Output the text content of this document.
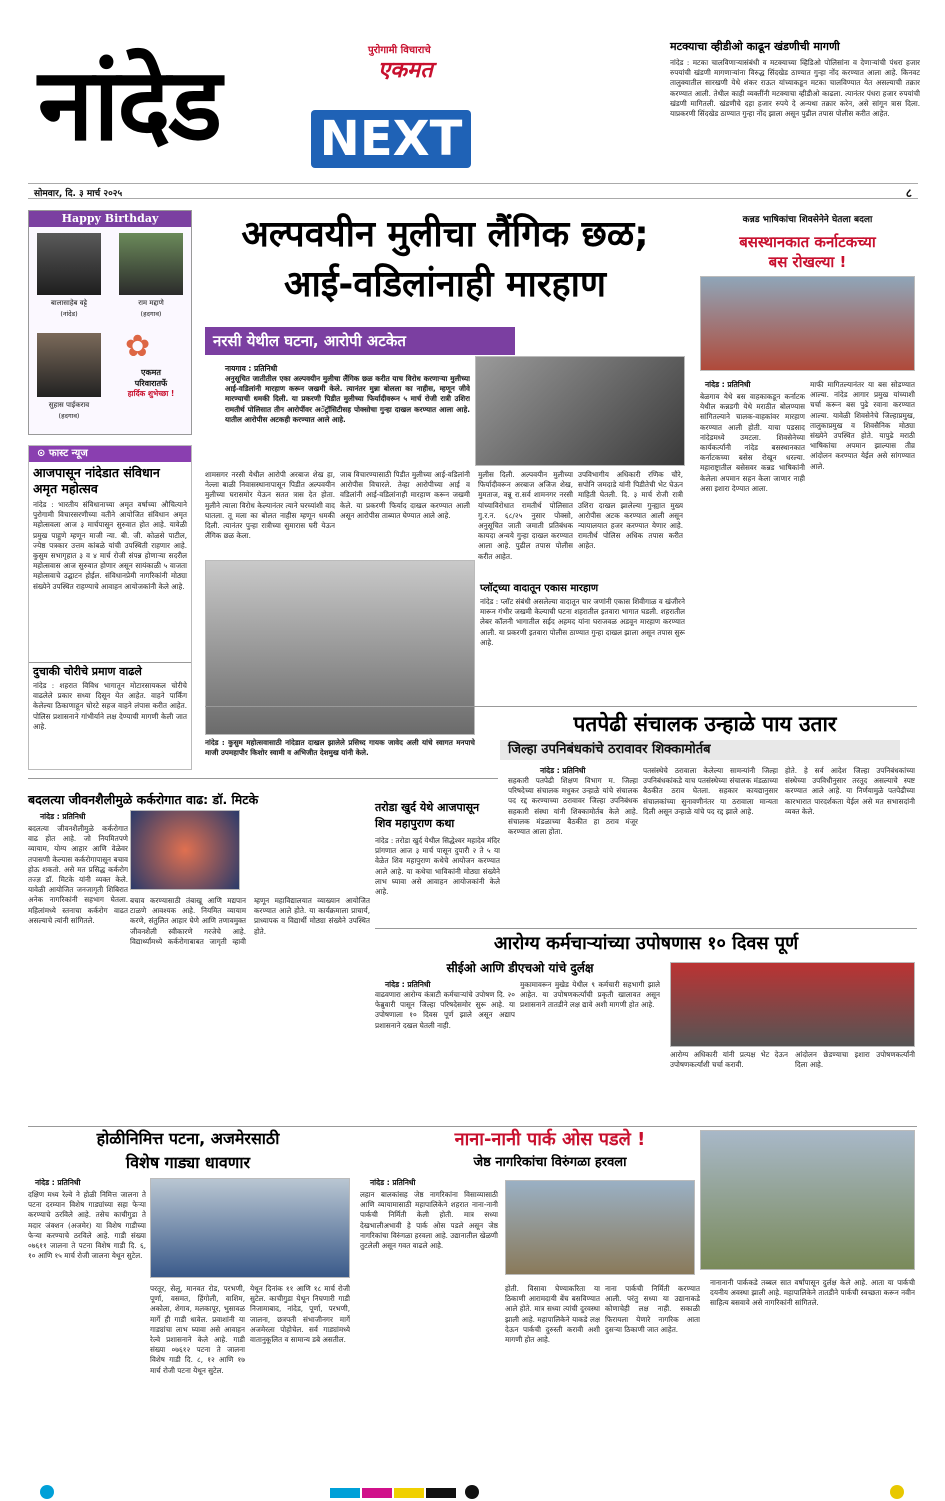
नांदेड	पुरोगामी विचाराचे
एकमत
NEXT
सोमवार, दि. ३ मार्च २०२५	८
मटक्याचा व्हीडीओ काढून खंडणीची मागणी
नांदेड : मटका चालविणाऱ्यासंबंधी व मटक्याच्या व्हिडिओ पोलिसांना व देणाऱ्यांची पंधरा हजार रुपयांची खंडणी मागणाऱ्यांना विरुद्ध सिंदखेड ठाण्यात गुन्हा नोंद करण्यात आला आहे. किनवट तालुक्यातील सारखणी येथे शंकर राऊत यांच्याकडून मटका चालविण्यात येत असल्याची तक्रार करण्यात आली. तेथील काही व्यक्तींनी मटक्याचा व्हीडीओ काढला. त्यानंतर पंधरा हजार रुपयांची खंडणी मागितली. खंडणीचे दहा हजार रुपये दे अन्यथा तक्रार करेन, असे सांगून त्रास दिला. याप्रकरणी सिंदखेड ठाण्यात गुन्हा नोंद झाला असून पुढील तपास पोलीस करीत आहेत.
Happy Birthday
बालासाहेब वट्टे
(नांदेड)
राम मद्दाणे
(हदगाव)
✿
एकमत
परिवारातर्फे
हार्दिक शुभेच्छा !
सुहास पाईकराव
(हदगाव)
⊙ फास्ट न्यूज
आजपासून नांदेडात संविधान अमृत महोत्सव
नांदेड : भारतीय संविधानाच्या अमृत वर्षाच्या औचित्याने पुरोगामी विचारसरणीच्या वतीने आयोजित संविधान अमृत महोत्सवला आज ३ मार्चपासून सुरुवात होत आहे. यावेळी प्रमुख पाहुणे म्हणून माजी न्या. बी. जी. कोळसे पाटील, ज्येष्ठ पत्रकार उत्तम कांबळे यांची उपस्थिती राहणार आहे. कुसुम सभागृहात ३ व ४ मार्च रोजी संपन्न होणाऱ्या सदरील महोत्सवास आज सुरुवात होणार असून सायंकाळी ५ वाजता महोत्सवाचे उद्घाटन होईल. संविधानप्रेमी नागरिकांनी मोठ्या संख्येने उपस्थित राहण्याचे आवाहन आयोजकांनी केले आहे.
दुचाकी चोरीचे प्रमाण वाढले
नांदेड : शहरात विविध भागातून मोटारसायकल चोरीचे वाढलेले प्रकार सध्या दिसून येत आहेत. वाहने पार्किंग केलेल्या ठिकाणाहून चोरटे सहज वाहने लंपास करीत आहेत. पोलिस प्रशासनाने गांभीर्याने लक्ष देण्याची मागणी केली जात आहे.
अल्पवयीन मुलीचा लैंगिक छळ;
आई-वडिलांनाही मारहाण
नरसी येथील घटना, आरोपी अटकेत
नायगाव : प्रतिनिधी
अनुसूचित जातीतील एका अल्पवयीन मुलीचा लैंगिक छळ करीत याच विरोध करणाऱ्या मुलीच्या आई-वडिलांनी मारहाण करून जखमी केले. त्यानंतर मुन्ना बोलला का नाहीस, म्हणून जीवे मारण्याची धमकी दिली. या प्रकरणी पिडीत मुलीच्या फिर्यादीवरून ५ मार्च रोजी रात्री उशिरा रामतीर्थ पोलिसात तीन आरोपींवर अॅट्रॉसिटीसह पोक्सोचा गुन्हा दाखल करण्यात आला आहे. यातील आरोपीस अटकही करण्यात आले आहे.
शामसगर नरसी येथील आरोपी अरबाज शेख हा, नेल्ला बाळी निवासस्थानापासून पिडीत अल्पवयीन मुलीच्या घरासमोर येऊन सतत त्रास देत होता. मुलीने त्याला विरोध केल्यानंतर त्याने घरच्यांशी वाद घातला. तू मला का बोलत नाहीस म्हणून धमकी दिली. त्यानंतर पुन्हा रात्रीच्या सुमारास घरी येऊन लैंगिक छळ केला.
जाब विचारण्यासाठी पिडीत मुलीच्या आई-वडिलांनी आरोपीस विचारले. तेव्हा आरोपीच्या आई व वडिलांनी आई-वडिलांनाही मारहाण करून जखमी केले. या प्रकरणी फिर्याद दाखल करण्यात आली असून आरोपीस ताब्यात घेण्यात आले आहे.
मुलीस दिली. अल्पवयीन मुलीच्या फिर्यादीवरून अरबाज अजिज शेख, मुमताज, वन्नू रा.सर्व शामनगर नरसी यांच्याविरोधात रामतीर्थ पोलिसात गु.र.न. ६८/२५ नुसार पोक्सो, अनुसूचित जाती जमाती प्रतिबंधक कायदा अन्वये गुन्हा दाखल करण्यात आला आहे. पुढील तपास पोलीस करीत आहेत.
उपविभागीय अधिकारी रणिक चौरे, सपोनि जमदाडे यांनी पिडीतेची भेट घेऊन माहिती घेतली. दि. ३ मार्च रोजी रात्री उशिरा दाखल झालेल्या गुन्ह्यात मुख्य आरोपीस अटक करण्यात आली असून न्यायालयात हजर करण्यात येणार आहे. रामतीर्थ पोलिस अधिक तपास करीत आहेत.
नांदेड : कुसुम महोत्सवासाठी नांदेडात दाखल झालेले प्रसिध्द गायक जावेद अली यांचे स्वागत मनपाचे माजी उपमहापौर किशोर स्वामी व अभिजीत देशमुख यांनी केले.
प्लॉट्च्या वादातून एकास मारहाण
नांदेड : प्लॉट संबंधी असलेल्या वादातून चार जणांनी एकास शिवीगाळ व खंजीरने मारून गंभीर जखमी केल्याची घटना शहरातील इतवारा भागात घडली. शहरातील लेबर कॉलनी भागातील सईद अहमद यांना घराजवळ अडवून मारहाण करण्यात आली. या प्रकरणी इतवारा पोलीस ठाण्यात गुन्हा दाखल झाला असून तपास सुरू आहे.
कन्नड भाषिकांचा शिवसेनेने घेतला बदला
बसस्थानकात कर्नाटकच्या
बस रोखल्या !
नांदेड : प्रतिनिधी
बेळगाव येथे बस वाहकाकडून कर्नाटक येथील कन्नडगी येथे मराठीत बोलण्यास सांगितल्याने चालक-वाहकांवर मारहाण करण्यात आली होती. याचा पडसाद नांदेडमध्ये उमटला. शिवसेनेच्या कार्यकर्त्यांनी नांदेड बसस्थानकात कर्नाटकच्या बसेस रोखून धरल्या. महाराष्ट्रातील बसेसवर कन्नड भाषिकांनी केलेला अपमान सहन केला जाणार नाही असा इशारा देण्यात आला.
माफी मागितल्यानंतर या बस सोडण्यात आल्या. नांदेड आगार प्रमुख यांच्याशी चर्चा करून बस पुढे रवाना करण्यात आल्या. यावेळी शिवसेनेचे जिल्हाप्रमुख, तालुकाप्रमुख व शिवसैनिक मोठ्या संख्येने उपस्थित होते. यापुढे मराठी भाषिकांचा अपमान झाल्यास तीव्र आंदोलन करण्यात येईल असे सांगण्यात आले.
पतपेढी संचालक उन्हाळे पाय उतार
जिल्हा उपनिबंधकांचे ठरावावर शिक्कामोर्तब
नांदेड : प्रतिनिधी
सहकारी पतपेढी शिक्षण विभाग म. जिल्हा परिषदेच्या संचालक मधुकर उन्हाळे यांचे संचालक पद रद्द करण्याच्या ठरावावर जिल्हा उपनिबंधक सहकारी संस्था यांनी शिक्कामोर्तब केले आहे. संचालक मंडळाच्या बैठकीत हा ठराव मंजूर करण्यात आला होता.
पतसंस्थेचे ठरावाला केलेल्या सामन्यांनी जिल्हा उपनिबंधकांकडे याच पतसंस्थेच्या संचालक मंडळाच्या बैठकीत ठराव घेतला. सहकार कायद्यानुसार संचालकांच्या सुनावणीनंतर या ठरावाला मान्यता दिली असून उन्हाळे यांचे पद रद्द झाले आहे.
होते. हे सर्व आदेश जिल्हा उपनिबंधकांच्या संस्थेच्या उपविधीनुसार तरतूद असल्याचे स्पष्ट करण्यात आले आहे. या निर्णयामुळे पतपेढीच्या कारभारात पारदर्शकता येईल असे मत सभासदांनी व्यक्त केले.
बदलत्या जीवनशैलीमुळे कर्करोगात वाढ: डॉ. मिटके
नांदेड : प्रतिनिधी
बदलत्या जीवनशैलीमुळे कर्करोगात वाढ होत आहे. जो नियमितपणे व्यायाम, योग्य आहार आणि वेळेवर तपासणी केल्यास कर्करोगापासून बचाव होऊ शकतो. असे मत प्रसिद्ध कर्करोग तज्ज्ञ डॉ. मिटके यांनी व्यक्त केले. यावेळी आयोजित जनजागृती शिबिरात अनेक नागरिकांनी सहभाग घेतला. महिलांमध्ये स्तनाचा कर्करोग वाढत असल्याचे त्यांनी सांगितले.
बचाव करण्यासाठी तंबाखू आणि मद्यपान टाळणे आवश्यक आहे. नियमित व्यायाम करणे, संतुलित आहार घेणे आणि तणावमुक्त जीवनशैली स्वीकारणे गरजेचे आहे. विद्यार्थ्यांमध्ये कर्करोगाबाबत जागृती व्हावी म्हणून महाविद्यालयात व्याख्यान आयोजित करण्यात आले होते. या कार्यक्रमाला प्राचार्य, प्राध्यापक व विद्यार्थी मोठ्या संख्येने उपस्थित होते.
तरोडा खुर्द येथे आजपासून
शिव महापुराण कथा
नांदेड : तरोडा खुर्द येथील सिद्धेश्वर महादेव मंदिर प्रांगणात आज ३ मार्च पासून दुपारी २ ते ५ या वेळेत शिव महापुराण कथेचे आयोजन करण्यात आले आहे. या कथेचा भाविकांनी मोठ्या संख्येने लाभ घ्यावा असे आवाहन आयोजकांनी केले आहे.
आरोग्य कर्मचाऱ्यांच्या उपोषणास १० दिवस पूर्ण
सीईओ आणि डीएचओ यांचे दुर्लक्ष
नांदेड : प्रतिनिधी
वाढवणारा आरोग्य कंत्राटी कर्मचाऱ्यांचे उपोषण दि. २० फेब्रुवारी पासून जिल्हा परिषदेसमोर सुरू आहे. या उपोषणाला १० दिवस पूर्ण झाले असून अद्याप प्रशासनाने दखल घेतली नाही.
मुकामावरून मुखेड येथील ९ कर्मचारी सहभागी झाले आहेत. या उपोषणकर्त्यांची प्रकृती खालावत असून प्रशासनाने तातडीने लक्ष द्यावे अशी मागणी होत आहे.
आरोग्य अधिकारी यांनी प्रत्यक्ष भेट देऊन उपोषणकर्त्यांशी चर्चा करावी.
आंदोलन छेडण्याचा इशारा उपोषणकर्त्यांनी दिला आहे.
होळीनिमित्त पटना, अजमेरसाठी
विशेष गाड्या धावणार
नांदेड : प्रतिनिधी
दक्षिण मध्य रेल्वे ने होळी निमित्त जालना ते पटना दरम्यान विशेष गाड्यांच्या सहा फेऱ्या करण्याचे ठरविले आहे. तसेच काचीगुडा ते मदार जंक्शन (अजमेर) या विशेष गाडीच्या फेऱ्या करण्याचे ठरविले आहे. गाडी संख्या ०७६११ जालना ते पटना विशेष गाडी दि. ६, १० आणि १५ मार्च रोजी जालना येथून सुटेल.
परतूर, सेलू, मानवत रोड, परभणी, पूर्णा, वसमत, हिंगोली, वाशिम, अकोला, शेगाव, मलकापूर, भुसावळ मार्गे ही गाडी धावेल. प्रवाशांनी या गाड्यांचा लाभ घ्यावा असे आवाहन रेल्वे प्रशासनाने केले आहे. गाडी संख्या ०७६१२ पटना ते जालना विशेष गाडी दि. ८, १२ आणि १७ मार्च रोजी पटना येथून सुटेल.
येथून दिनांक ११ आणि १८ मार्च रोजी सुटेल. काचीगुडा येथून निघणारी गाडी निजामाबाद, नांदेड, पूर्णा, परभणी, जालना, छत्रपती संभाजीनगर मार्गे अजमेरला पोहोचेल. सर्व गाड्यांमध्ये वातानुकूलित व सामान्य डबे असतील.
नाना-नानी पार्क ओस पडले !
जेष्ठ नागरिकांचा विरुंगळा हरवला
नांदेड : प्रतिनिधी
लहान बालकांसह जेष्ठ नागरिकांना विसाव्यासाठी आणि व्यायामासाठी महापालिकेने शहरात नाना-नानी पार्कची निर्मिती केली होती. मात्र सध्या देखभालीअभावी हे पार्क ओस पडले असून जेष्ठ नागरिकांचा विरुंगळा हरवला आहे. उद्यानातील खेळणी तुटलेली असून गवत वाढले आहे.
होती. विसावा घेण्याकरिता या ठिकाणी आरामदायी बेंच बसविण्यात आले होते. मात्र सध्या त्यांची दुरवस्था झाली आहे. महापालिकेने याकडे लक्ष देऊन पार्कची दुरुस्ती करावी अशी मागणी होत आहे.
नाना पार्कची निर्मिती करण्यात आली. परंतु सध्या या उद्यानाकडे कोणाचेही लक्ष नाही. सकाळी फिरायला येणारे नागरिक आता दुसऱ्या ठिकाणी जात आहेत.
नानानानी पार्ककडे तब्बल सात वर्षांपासून दुर्लक्ष केले आहे. आता या पार्कची दयनीय अवस्था झाली आहे. महापालिकेने तातडीने पार्कची स्वच्छता करून नवीन साहित्य बसवावे असे नागरिकांनी सांगितले.
